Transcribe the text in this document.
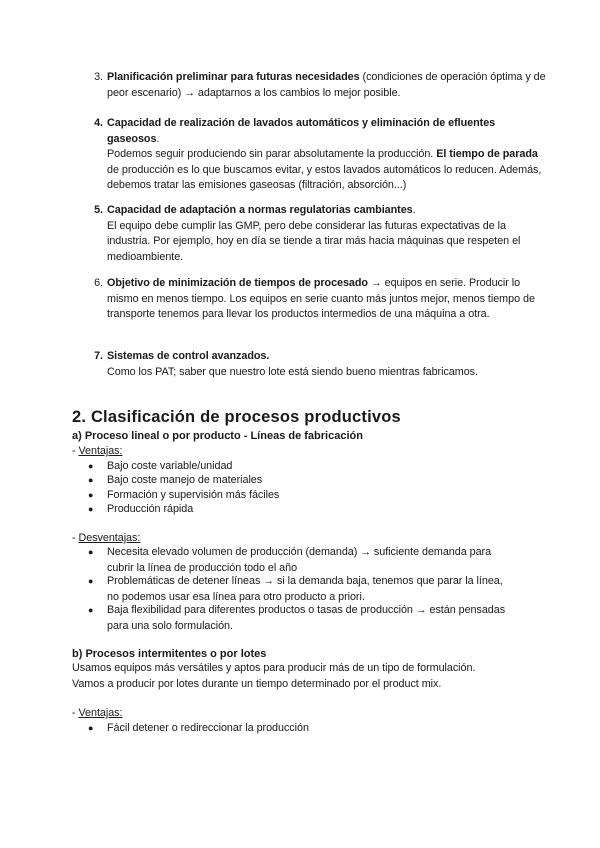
3. Planificación preliminar para futuras necesidades (condiciones de operación óptima y de peor escenario) → adaptarnos a los cambios lo mejor posible.
4. Capacidad de realización de lavados automáticos y eliminación de efluentes gaseosos.
Podemos seguir produciendo sin parar absolutamente la producción. El tiempo de parada de producción es lo que buscamos evitar, y estos lavados automáticos lo reducen. Además, debemos tratar las emisiones gaseosas (filtración, absorción...)
5. Capacidad de adaptación a normas regulatorias cambiantes.
El equipo debe cumplir las GMP, pero debe considerar las futuras expectativas de la industria. Por ejemplo, hoy en día se tiende a tirar más hacia máquinas que respeten el medioambiente.
6. Objetivo de minimización de tiempos de procesado → equipos en serie. Producir lo mismo en menos tiempo. Los equipos en serie cuanto más juntos mejor, menos tiempo de transporte tenemos para llevar los productos intermedios de una máquina a otra.
7. Sistemas de control avanzados.
Como los PAT; saber que nuestro lote está siendo bueno mientras fabricamos.
2. Clasificación de procesos productivos
a) Proceso lineal o por producto - Líneas de fabricación
- Ventajas:
● Bajo coste variable/unidad
● Bajo coste manejo de materiales
● Formación y supervisión más fáciles
● Producción rápida
- Desventajas:
● Necesita elevado volumen de producción (demanda) → suficiente demanda para cubrir la línea de producción todo el año
● Problemáticas de detener líneas → si la demanda baja, tenemos que parar la línea, no podemos usar esa línea para otro producto a priori.
● Baja flexibilidad para diferentes productos o tasas de producción → están pensadas para una solo formulación.
b) Procesos intermitentes o por lotes
Usamos equipos más versátiles y aptos para producir más de un tipo de formulación. Vamos a producir por lotes durante un tiempo determinado por el product mix.
- Ventajas:
● Fácil detener o redireccionar la producción
